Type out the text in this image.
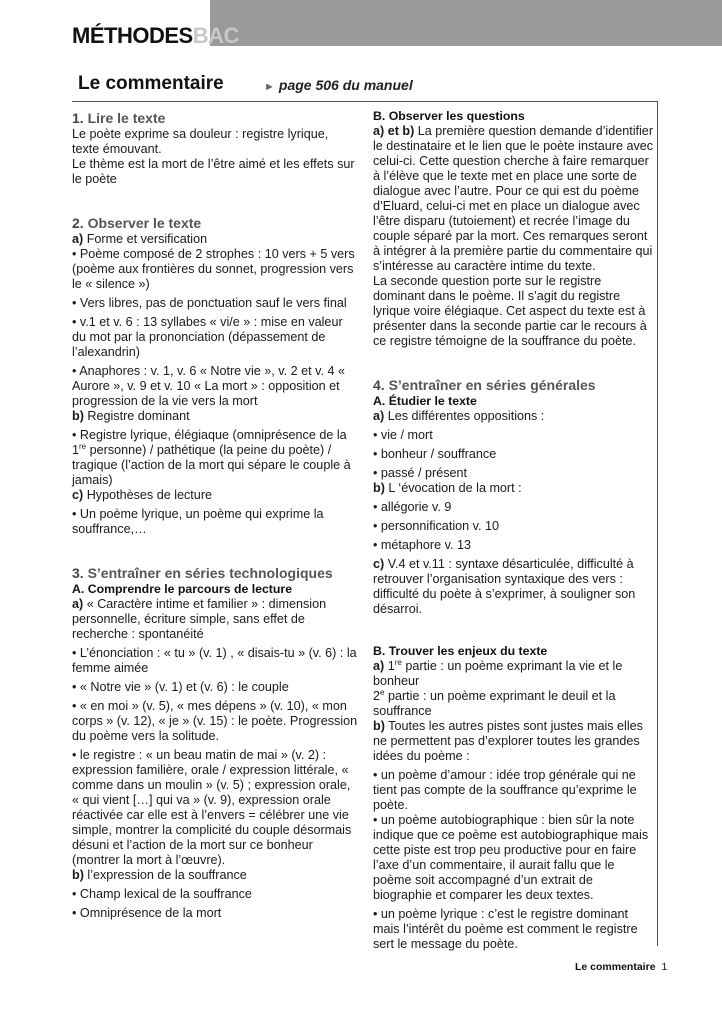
MÉTHODESBAC
Le commentaire	► page 506 du manuel
1. Lire le texte

Le poète exprime sa douleur : registre lyrique, texte émouvant.

Le thème est la mort de l’être aimé et les effets sur le poète

2. Observer le texte

a) Forme et versification

• Poème composé de 2 strophes : 10 vers + 5 vers (poème aux frontières du sonnet, progression vers le « silence »)

• Vers libres, pas de ponctuation sauf le vers final

• v.1 et v. 6 : 13 syllabes « vi/e » : mise en valeur du mot par la prononciation (dépassement de l’alexandrin)

• Anaphores : v. 1, v. 6 « Notre vie », v. 2 et v. 4 « Aurore », v. 9 et v. 10 « La mort » : opposition et progression de la vie vers la mort

b) Registre dominant

• Registre lyrique, élégiaque (omniprésence de la 1re personne) / pathétique (la peine du poète) / tragique (l’action de la mort qui sépare le couple à jamais)

c) Hypothèses de lecture

• Un poème lyrique, un poème qui exprime la souffrance,…

3. S’entraîner en séries technologiques
A. Comprendre le parcours de lecture

a) « Caractère intime et familier » : dimension personnelle, écriture simple, sans effet de recherche : spontanéité

• L’énonciation : « tu » (v. 1) , « disais-tu » (v. 6) : la femme aimée

• « Notre vie » (v. 1) et (v. 6) : le couple

• « en moi » (v. 5), « mes dépens » (v. 10), « mon corps » (v. 12), « je » (v. 15) : le poète. Progression du poème vers la solitude.

• le registre : « un beau matin de mai » (v. 2) : expression familière, orale / expression littérale, « comme dans un moulin » (v. 5) ; expression orale, « qui vient […] qui va » (v. 9), expression orale réactivée car elle est à l’envers = célébrer une vie simple, montrer la complicité du couple désormais désuni et l’action de la mort sur ce bonheur (montrer la mort à l’œuvre).

b) l’expression de la souffrance

• Champ lexical de la souffrance

• Omniprésence de la mort

B. Observer les questions

a) et b) La première question demande d’identifier le destinataire et le lien que le poète instaure avec celui-ci. Cette question cherche à faire remarquer à l’élève que le texte met en place une sorte de dialogue avec l’autre. Pour ce qui est du poème d’Eluard, celui-ci met en place un dialogue avec l’être disparu (tutoiement) et recrée l’image du couple séparé par la mort. Ces remarques seront à intégrer à la première partie du commentaire qui s’intéresse au caractère intime du texte.

La seconde question porte sur le registre dominant dans le poème. Il s’agit du registre lyrique voire élégiaque. Cet aspect du texte est à présenter dans la seconde partie car le recours à ce registre témoigne de la souffrance du poète.

4. S’entraîner en séries générales
A. Étudier le texte

a) Les différentes oppositions :

• vie / mort

• bonheur / souffrance

• passé / présent

b) L ‘évocation de la mort :

• allégorie v. 9

• personnification v. 10

• métaphore v. 13

c) V.4 et v.11 : syntaxe désarticulée, difficulté à retrouver l’organisation syntaxique des vers : difficulté du poète à s’exprimer, à souligner son désarroi.

B. Trouver les enjeux du texte

a) 1re partie : un poème exprimant la vie et le bonheur

2e partie : un poème exprimant le deuil et la souffrance

b) Toutes les autres pistes sont justes mais elles ne permettent pas d’explorer toutes les grandes idées du poème :

• un poème d’amour : idée trop générale qui ne tient pas compte de la souffrance qu’exprime le poète.

• un poème autobiographique : bien sûr la note indique que ce poème est autobiographique mais cette piste est trop peu productive pour en faire l’axe d’un commentaire, il aurait fallu que le poème soit accompagné d’un extrait de biographie et comparer les deux textes.

• un poème lyrique : c’est le registre dominant mais l’intérêt du poème est comment le registre sert le message du poète.

Le commentaire 1
